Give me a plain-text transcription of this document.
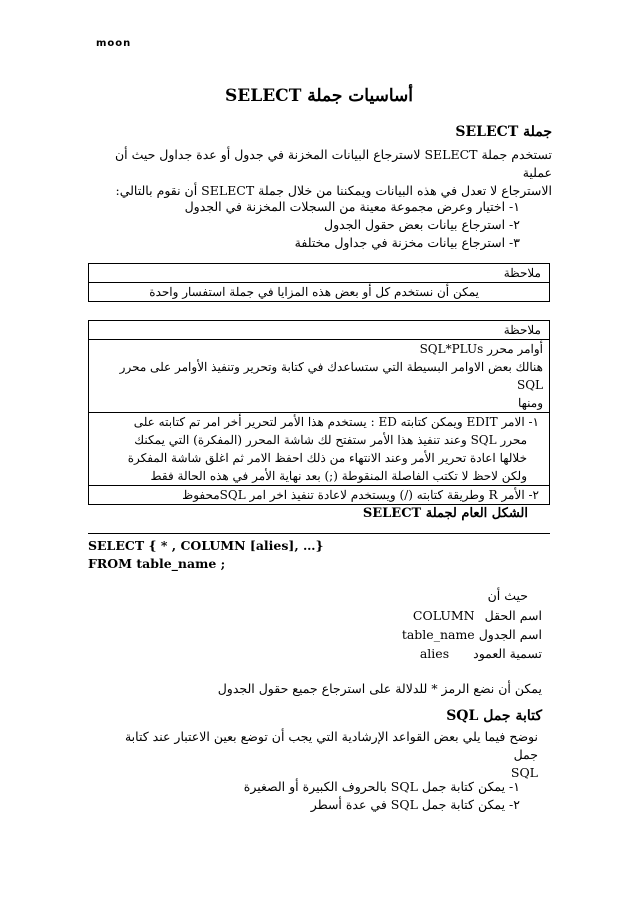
moon
أساسيات جملة SELECT
جملة SELECT
تستخدم جملة SELECT لاسترجاع البيانات المخزنة في جدول أو عدة جداول حيث أن عملية
الاسترجاع لا تعدل في هذه البيانات ويمكننا من خلال جملة SELECT أن نقوم بالتالي:
١- اختيار وعرض مجموعة معينة من السجلات المخزنة في الجدول
٢- استرجاع بيانات بعض حقول الجدول
٣- استرجاع بيانات مخزنة في جداول مختلفة
ملاحظة
يمكن أن نستخدم كل أو بعض هذه المزايا في جملة استفسار واحدة
ملاحظة
أوامر محرر SQL*PLUs
هنالك بعض الاوامر البسيطة التي ستساعدك في كتابة وتحرير وتنفيذ الأوامر على محرر SQL
ومنها
١- الامر EDIT ويمكن كتابته ED : يستخدم هذا الأمر لتحرير أخر امر تم كتابته على
محرر SQL وعند تنفيذ هذا الأمر ستفتح لك شاشة المحرر (المفكرة) التي يمكنك
خلالها اعادة تحرير الأمر وعند الانتهاء من ذلك احفظ الامر ثم اغلق شاشة المفكرة
ولكن لاحظ لا تكتب الفاصلة المنقوطة (;) بعد نهاية الأمر في هذه الحالة فقط
٢- الأمر R وطريقة كتابته (/) ويستخدم لاعادة تنفيذ اخر امر SQLمحفوظ
الشكل العام لجملة SELECT
SELECT { * , COLUMN [alies], …}
FROM table_name ;
حيث أن
COLUMN اسم الحقل
table_name اسم الجدول
alies تسمية العمود
يمكن أن نضع الرمز * للدلالة على استرجاع جميع حقول الجدول
كتابة جمل SQL
نوضح فيما يلي بعض القواعد الإرشادية التي يجب أن توضع بعين الاعتبار عند كتابة جمل
SQL
١- يمكن كتابة جمل SQL بالحروف الكبيرة أو الصغيرة
٢- يمكن كتابة جمل SQL في عدة أسطر
